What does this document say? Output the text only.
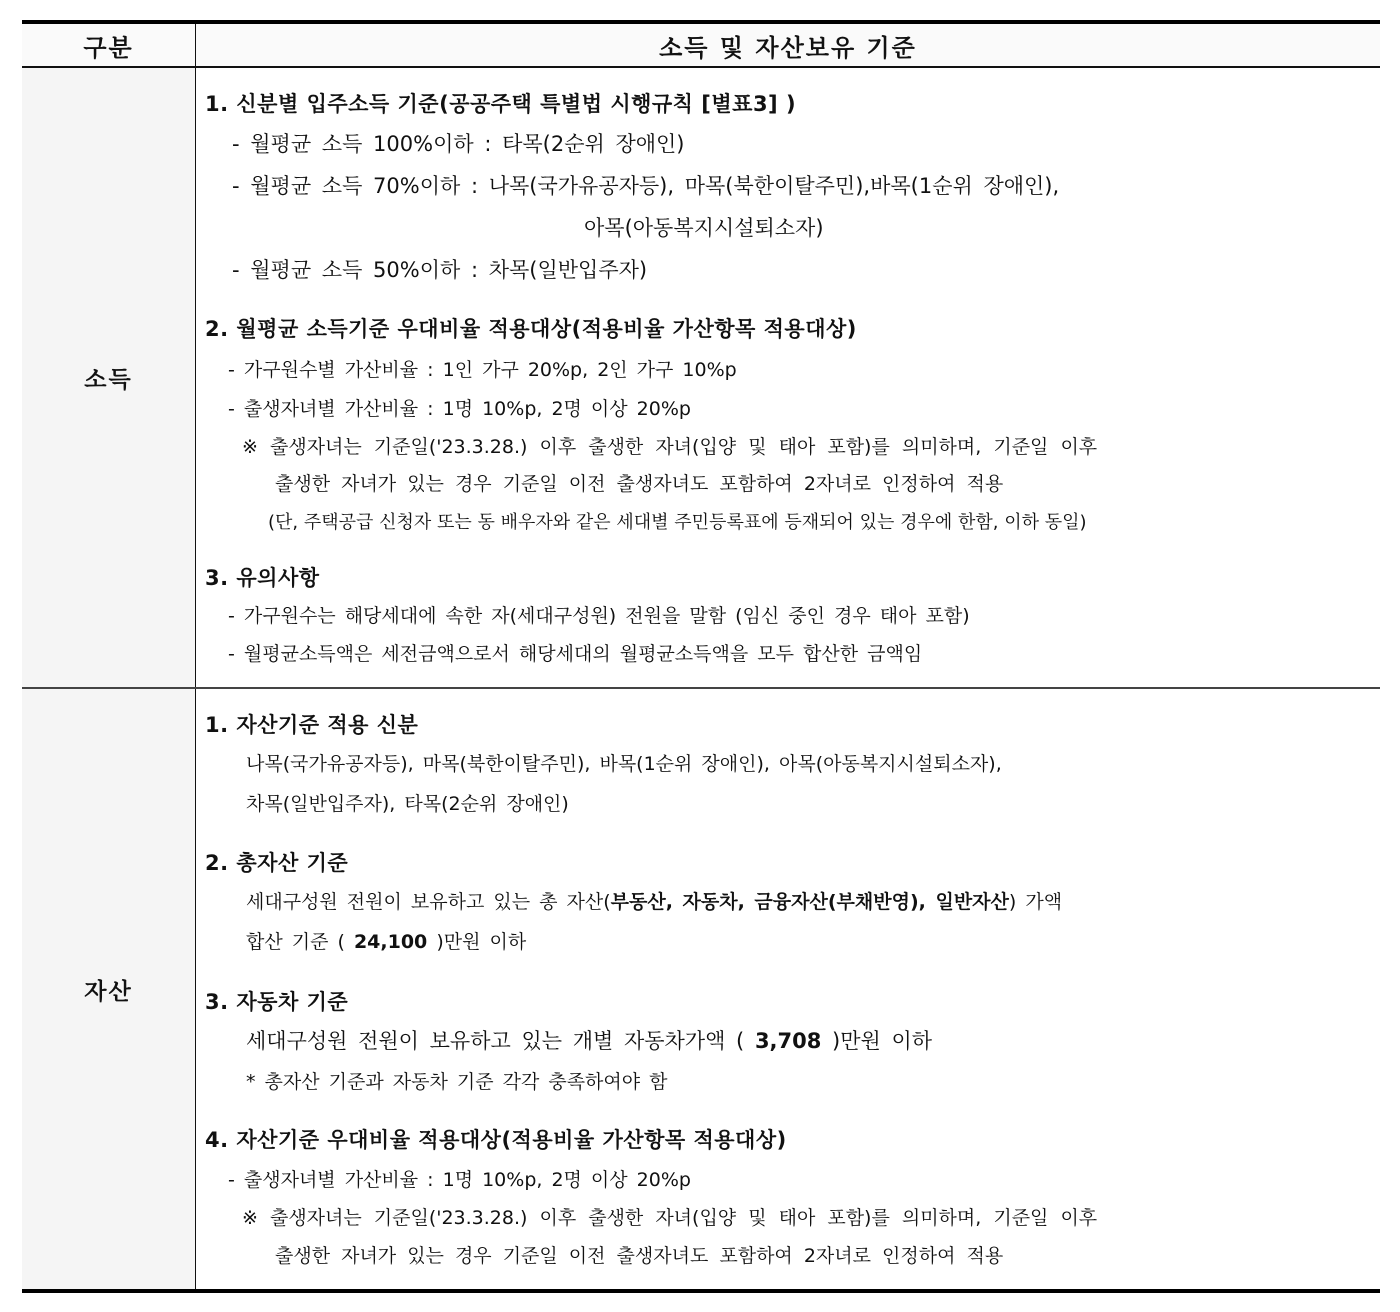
구분	소득 및 자산보유 기준
소득
1. 신분별 입주소득 기준(공공주택 특별법 시행규칙 [별표3] )
- 월평균 소득 100%이하 : 타목(2순위 장애인)
- 월평균 소득 70%이하 : 나목(국가유공자등), 마목(북한이탈주민),바목(1순위 장애인),
아목(아동복지시설퇴소자)
- 월평균 소득 50%이하 : 차목(일반입주자)
2. 월평균 소득기준 우대비율 적용대상(적용비율 가산항목 적용대상)
- 가구원수별 가산비율 : 1인 가구 20%p, 2인 가구 10%p
- 출생자녀별 가산비율 : 1명 10%p, 2명 이상 20%p
※ 출생자녀는 기준일('23.3.28.) 이후 출생한 자녀(입양 및 태아 포함)를 의미하며, 기준일 이후
출생한 자녀가 있는 경우 기준일 이전 출생자녀도 포함하여 2자녀로 인정하여 적용
(단, 주택공급 신청자 또는 동 배우자와 같은 세대별 주민등록표에 등재되어 있는 경우에 한함, 이하 동일)
3. 유의사항
- 가구원수는 해당세대에 속한 자(세대구성원) 전원을 말함 (임신 중인 경우 태아 포함)
- 월평균소득액은 세전금액으로서 해당세대의 월평균소득액을 모두 합산한 금액임
자산
1. 자산기준 적용 신분
나목(국가유공자등), 마목(북한이탈주민), 바목(1순위 장애인), 아목(아동복지시설퇴소자),
차목(일반입주자), 타목(2순위 장애인)
2. 총자산 기준
세대구성원 전원이 보유하고 있는 총 자산(부동산, 자동차, 금융자산(부채반영), 일반자산) 가액
합산 기준 ( 24,100 )만원 이하
3. 자동차 기준
세대구성원 전원이 보유하고 있는 개별 자동차가액 ( 3,708 )만원 이하
* 총자산 기준과 자동차 기준 각각 충족하여야 함
4. 자산기준 우대비율 적용대상(적용비율 가산항목 적용대상)
- 출생자녀별 가산비율 : 1명 10%p, 2명 이상 20%p
※ 출생자녀는 기준일('23.3.28.) 이후 출생한 자녀(입양 및 태아 포함)를 의미하며, 기준일 이후
출생한 자녀가 있는 경우 기준일 이전 출생자녀도 포함하여 2자녀로 인정하여 적용
